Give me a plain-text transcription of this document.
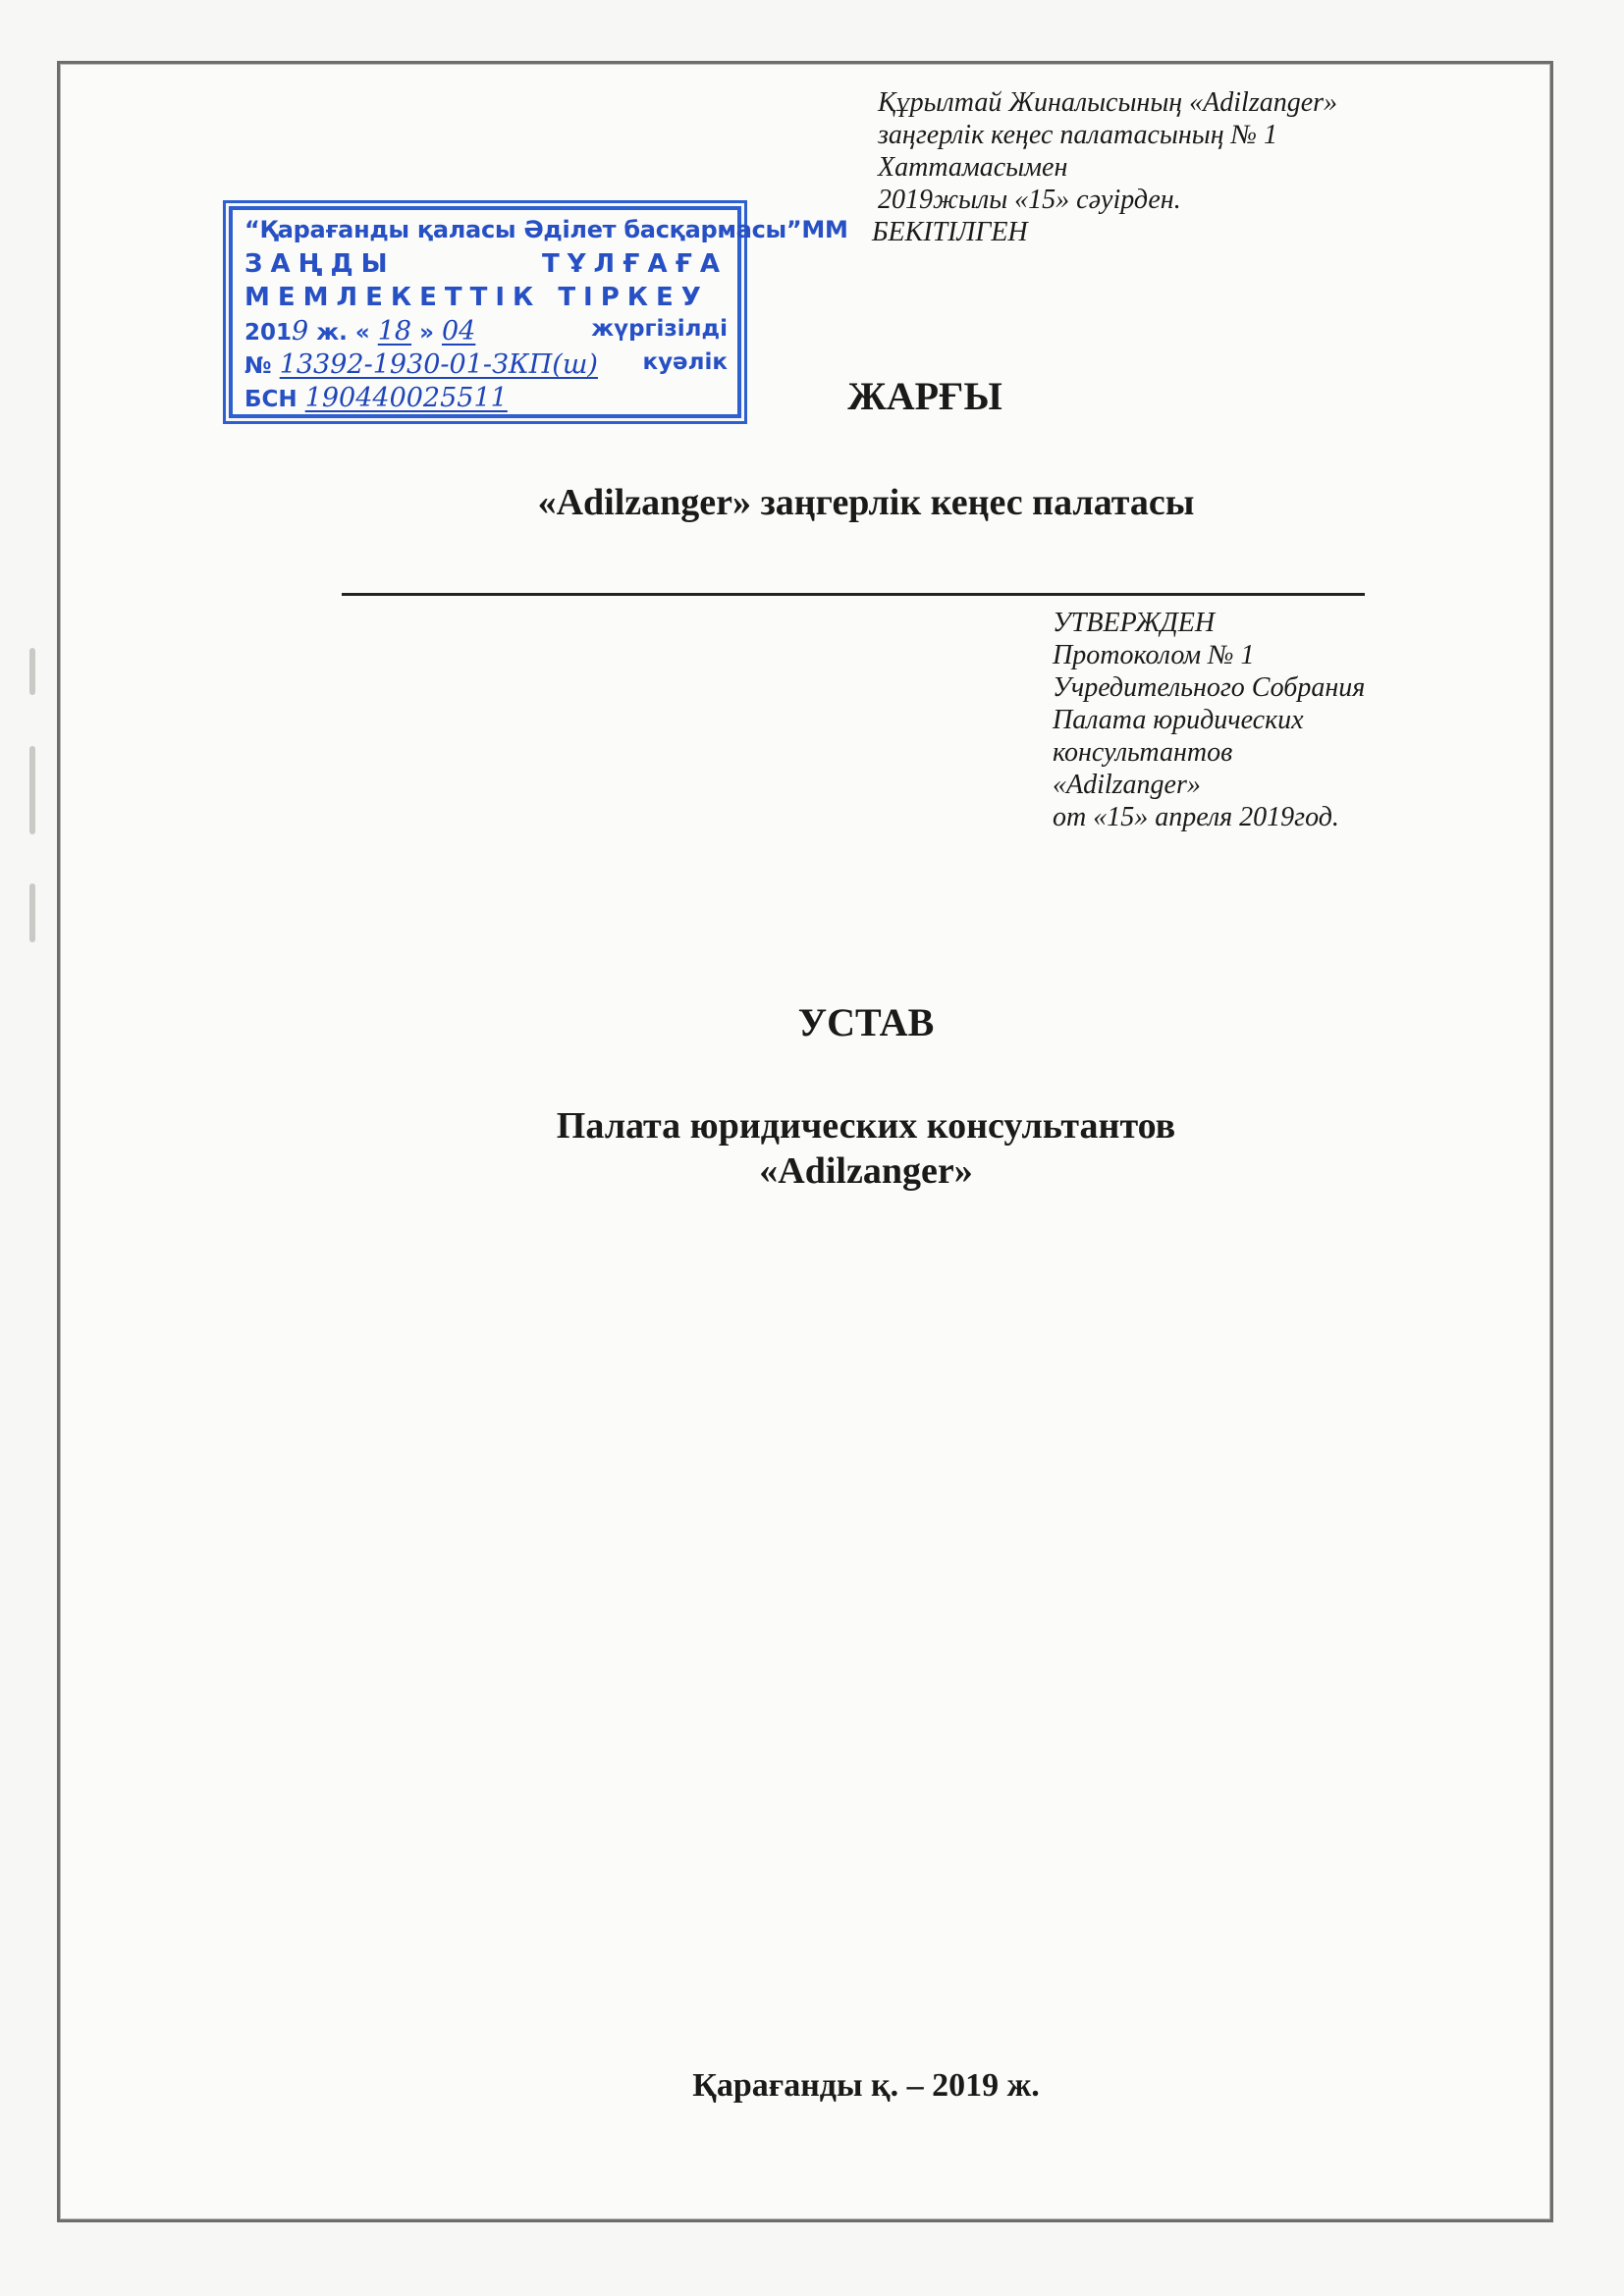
Құрылтай Жиналысының «Adilzanger»
заңгерлік кеңес палатасының № 1
Хаттамасымен
2019жылы «15» сәуірден.
БЕКІТІЛГЕН
“Қарағанды қаласы Әділет басқармасы”ММ
ЗАҢДЫ	ТҰЛҒАҒА
МЕМЛЕКЕТТІК ТІРКЕУ
2019 ж. « 18 » 04	жүргізілді
№ 13392-1930-01-ЗКП(ш) куәлік
БСН 190440025511	ЖАРҒЫ
«Adilzanger» заңгерлік кеңес палатасы
УТВЕРЖДЕН
Протоколом № 1
Учредительного Собрания
Палата юридических
консультантов
«Adilzanger»
от «15» апреля 2019год.
УСТАВ
Палата юридических консультантов
«Adilzanger»
Қарағанды қ. – 2019 ж.
